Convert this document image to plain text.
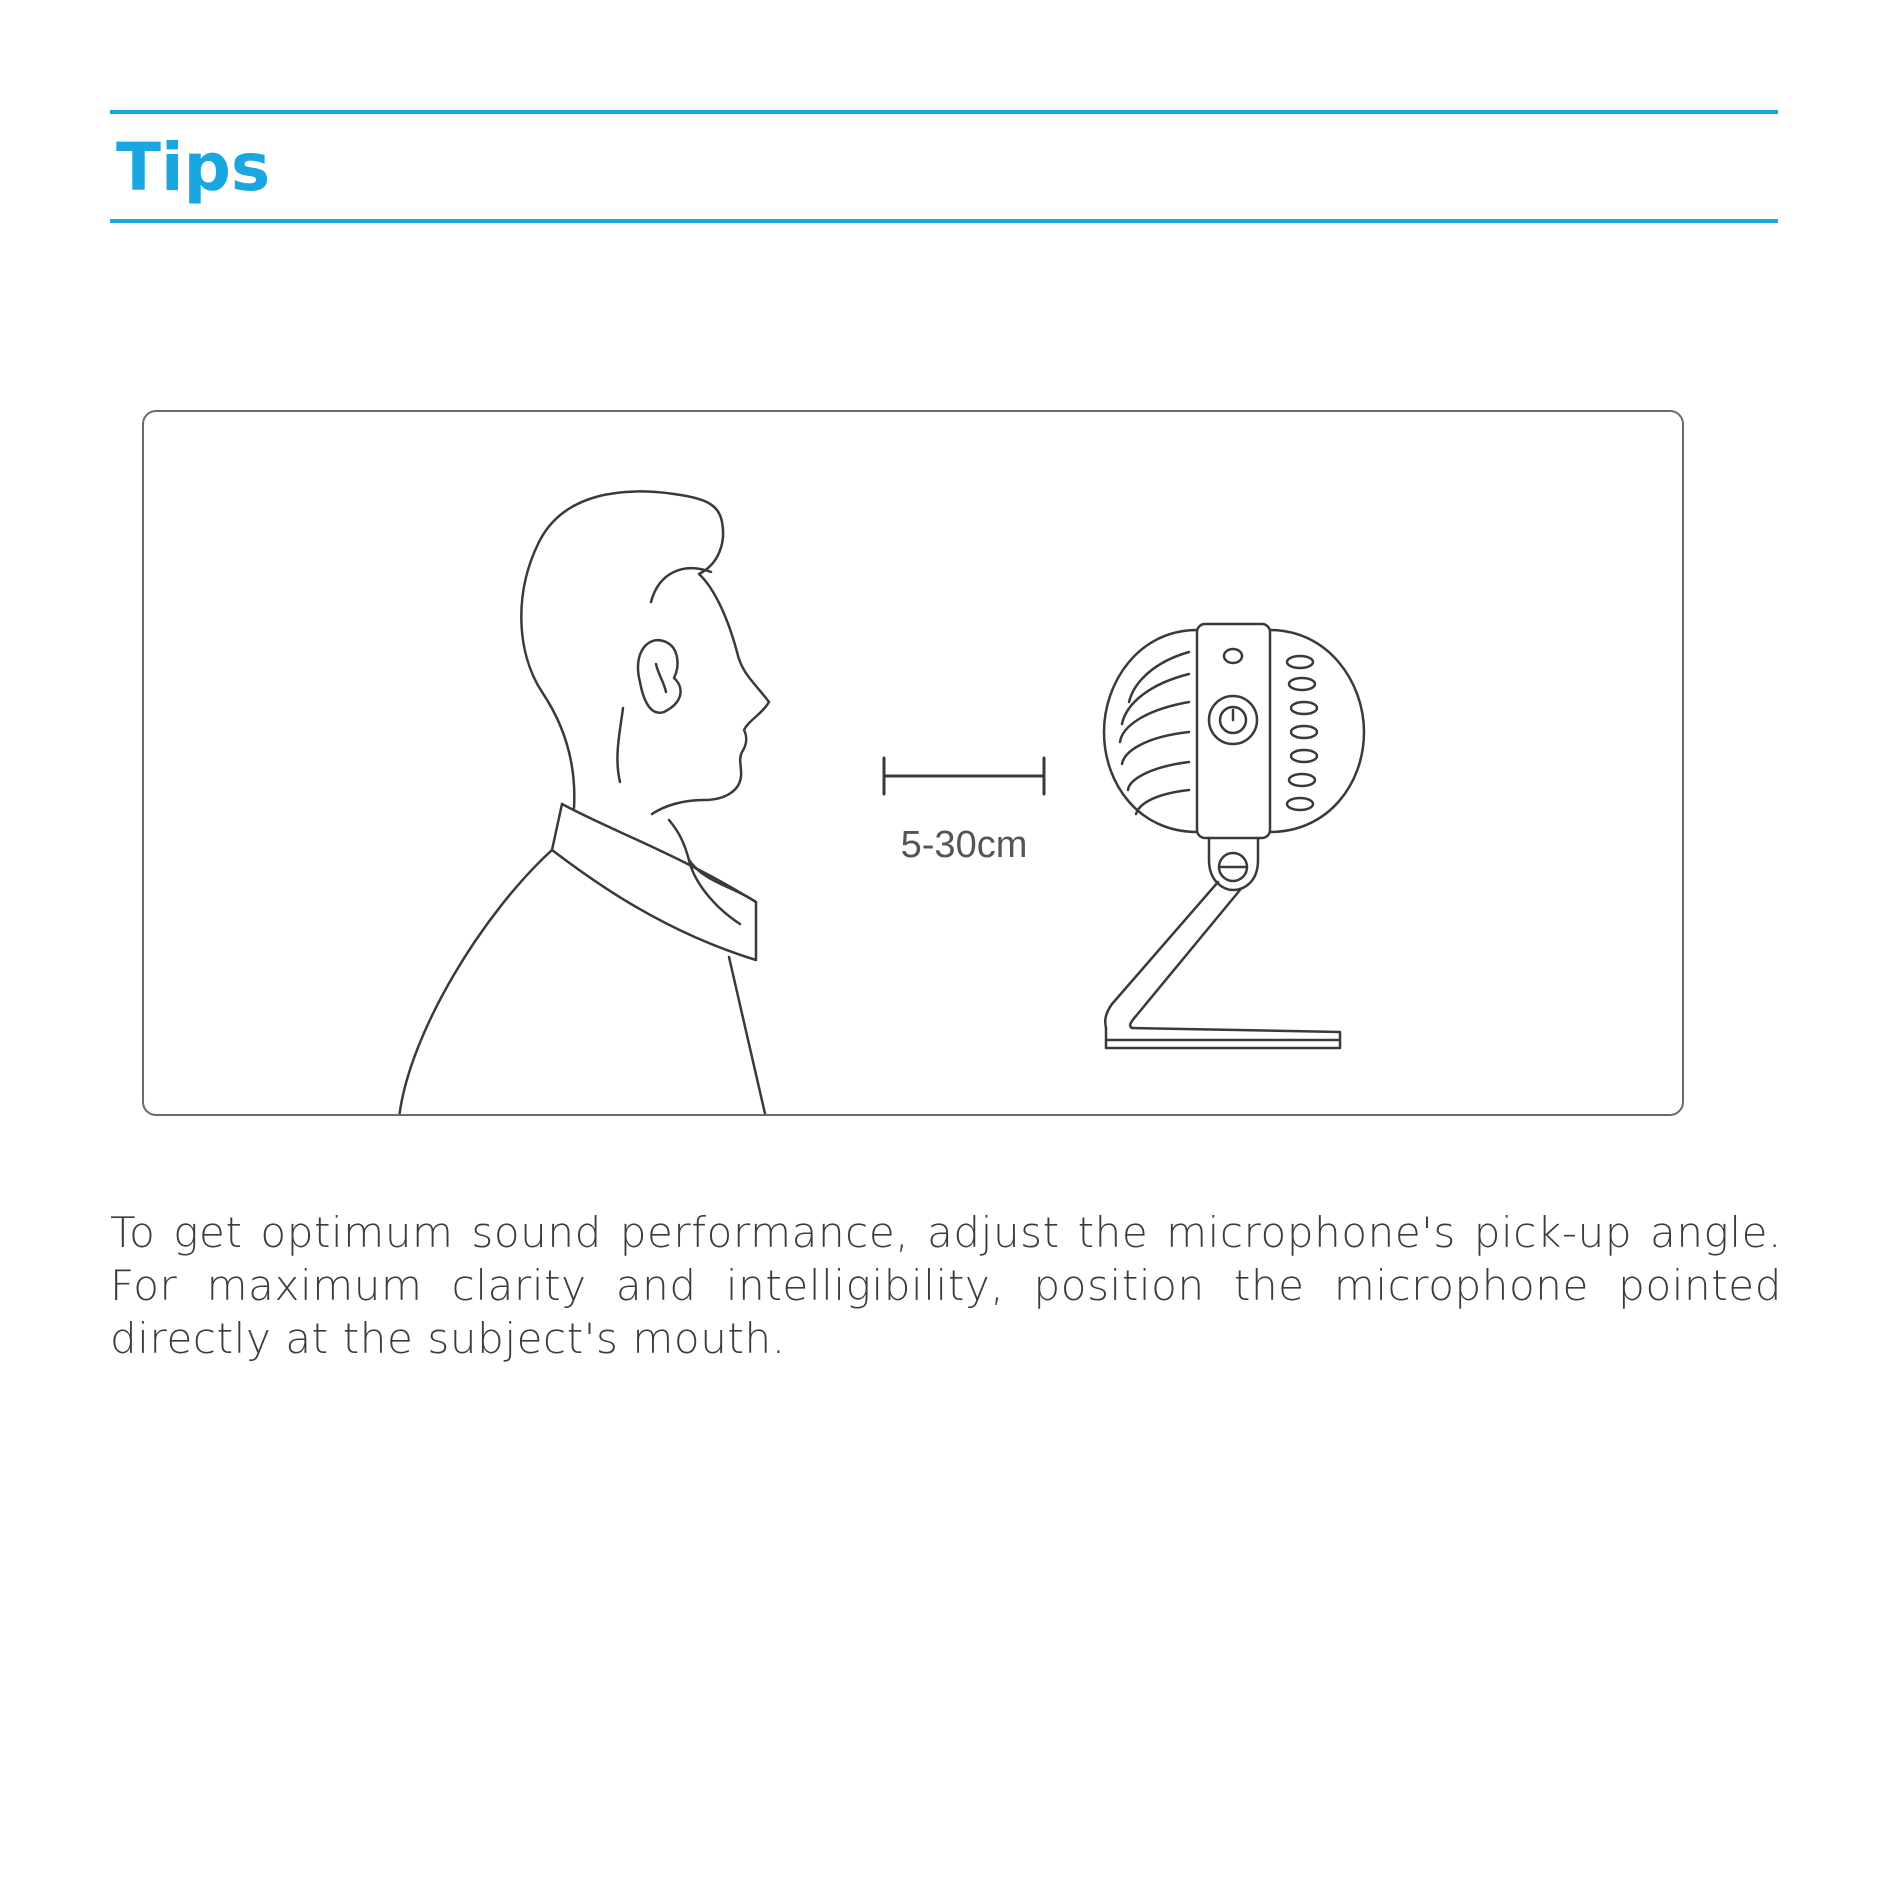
Tips
5-30cm

To get optimum sound performance, adjust the microphone's pick-up angle. For maximum clarity and intelligibility, position the microphone pointed directly at the subject's mouth.
